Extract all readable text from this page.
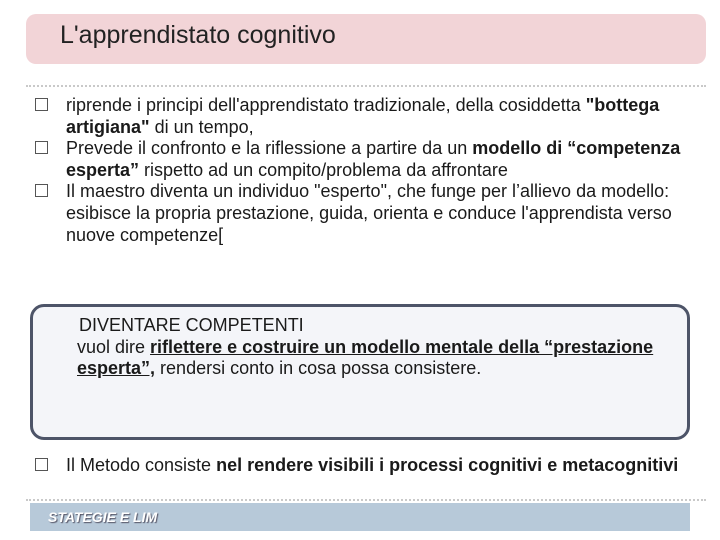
L'apprendistato cognitivo
riprende i principi dell'apprendistato tradizionale, della cosiddetta "bottega artigiana" di un tempo,
Prevede il confronto e la riflessione a partire da un modello di “competenza esperta” rispetto ad un compito/problema da affrontare
Il maestro diventa un individuo "esperto", che funge per l’allievo da modello: esibisce la propria prestazione, guida, orienta e conduce l'apprendista verso nuove competenze[
DIVENTARE COMPETENTI
vuol dire riflettere e costruire un modello mentale della “prestazione esperta”, rendersi conto in cosa possa consistere.
Il Metodo consiste nel rendere visibili i processi cognitivi e metacognitivi
STATEGIE E LIM
